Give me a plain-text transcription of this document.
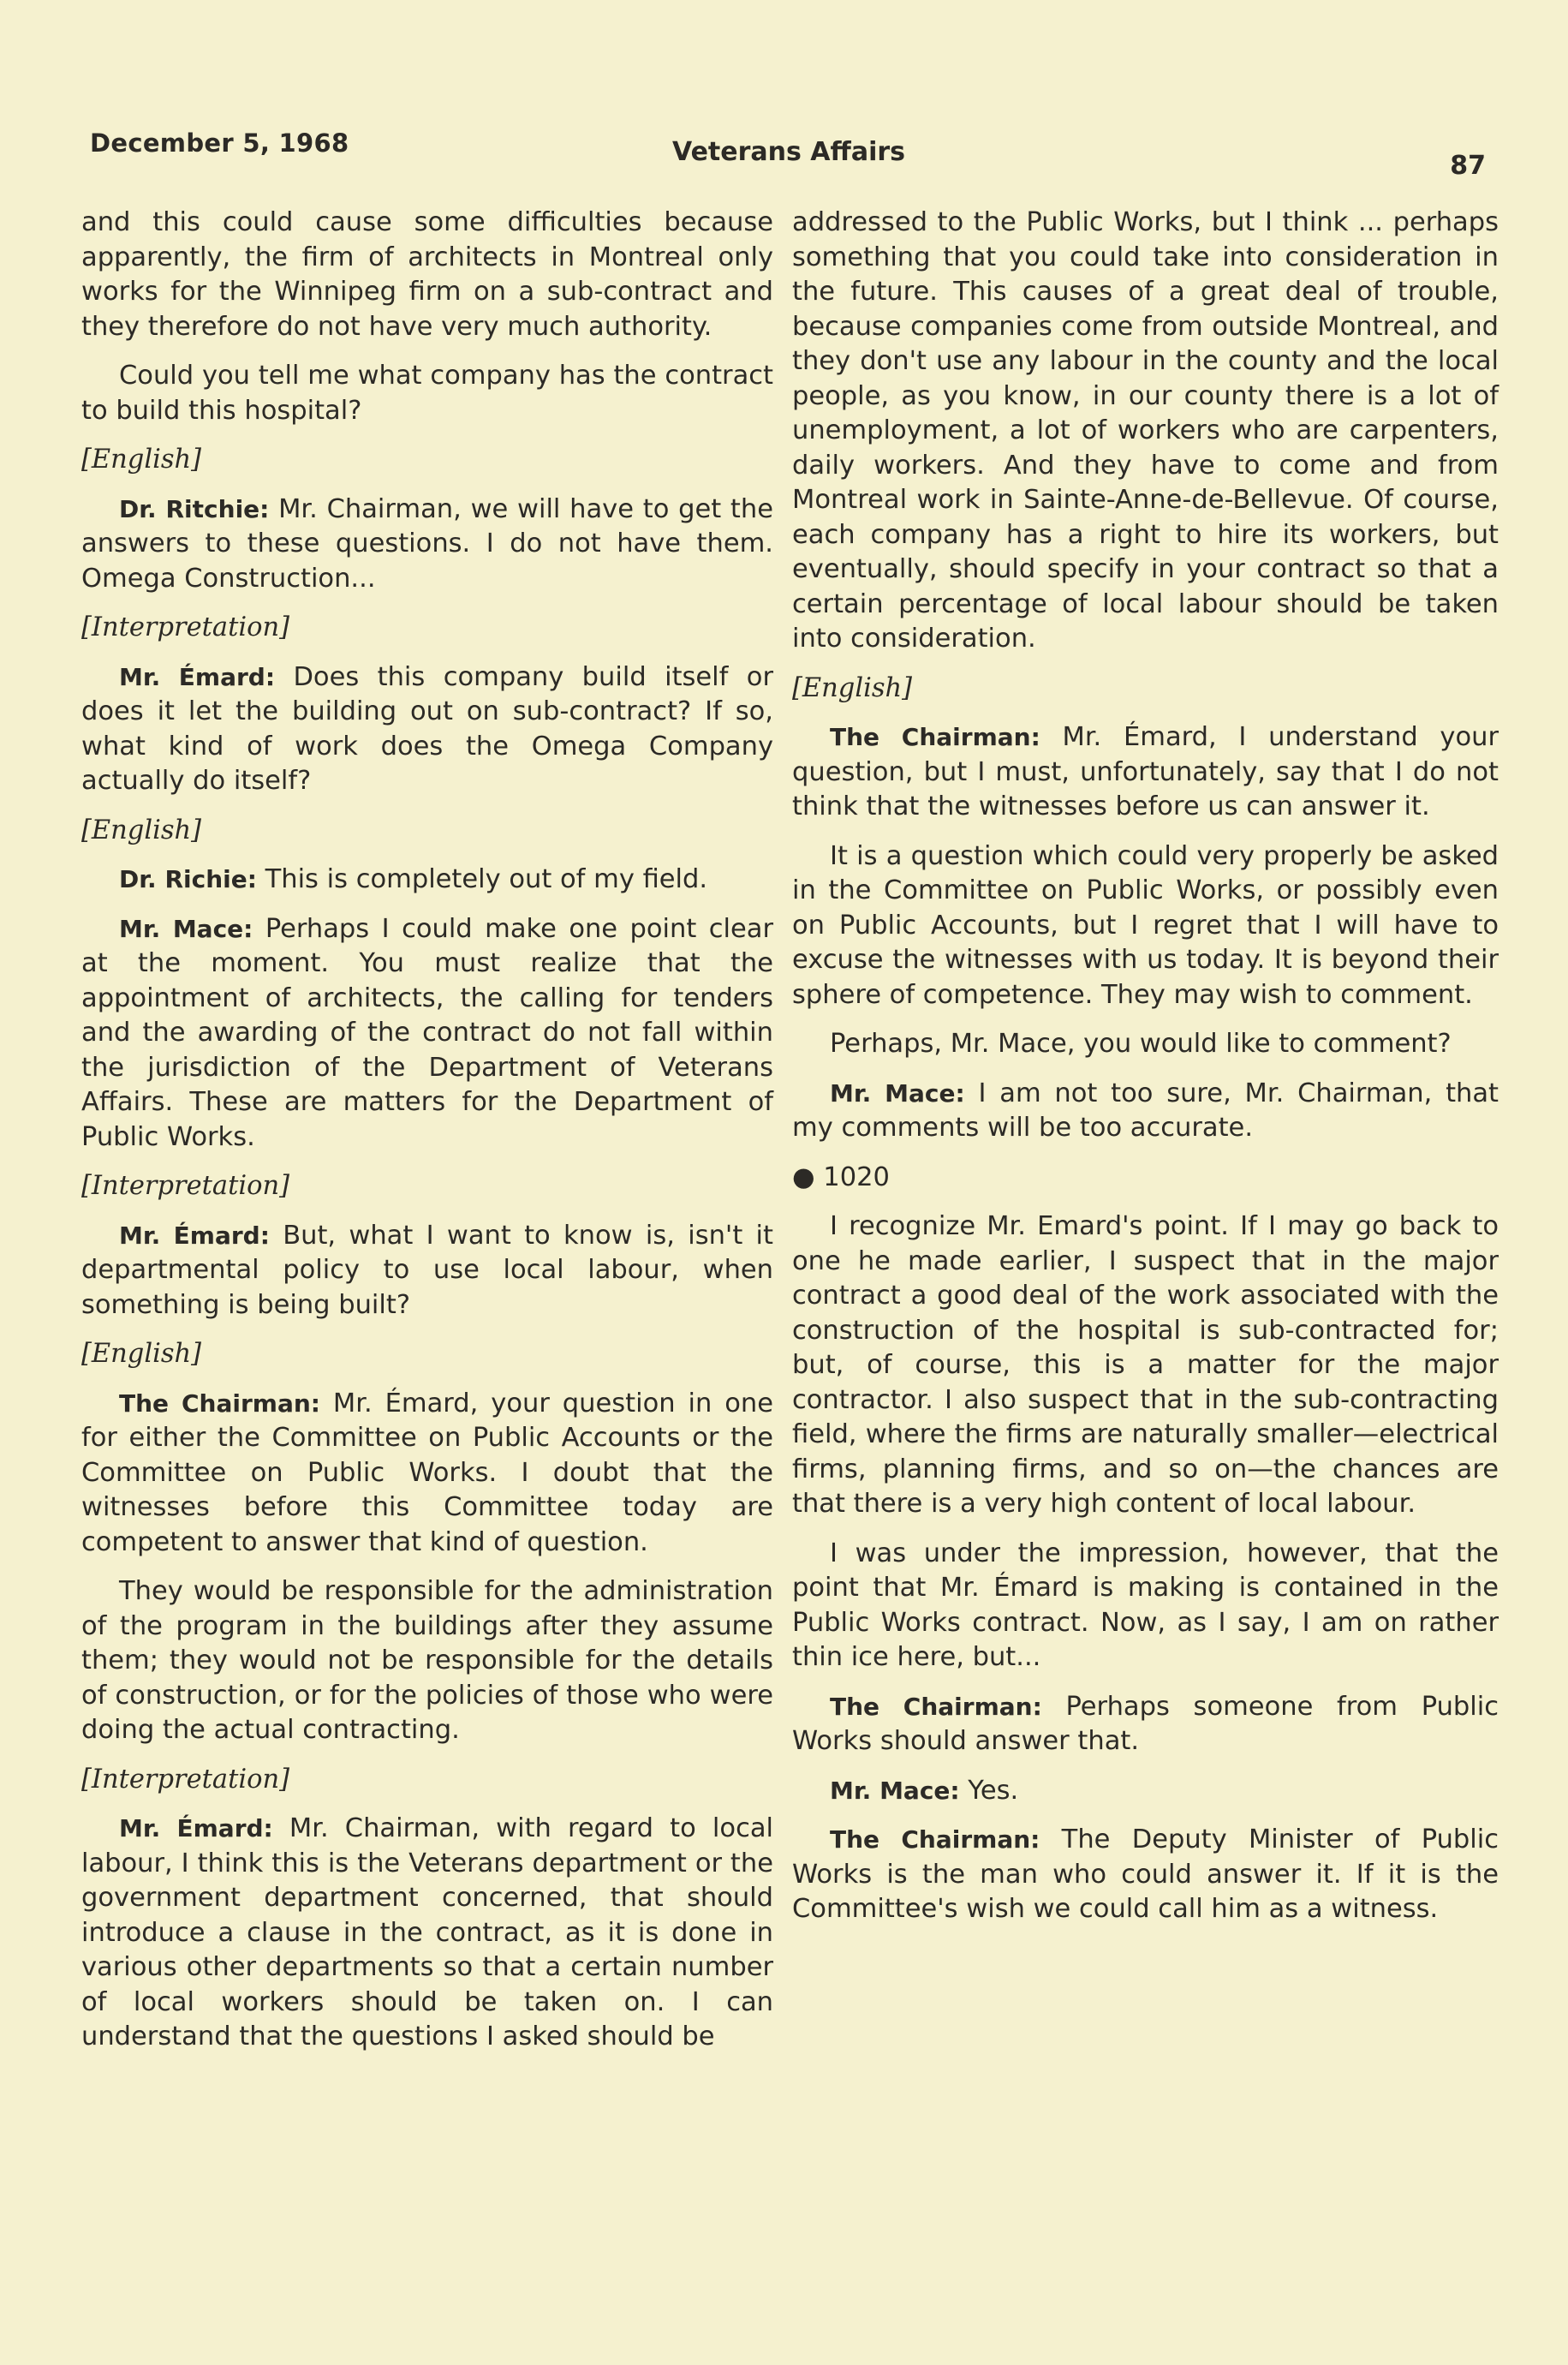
December 5, 1968	Veterans Affairs	87

and this could cause some difficulties because apparently, the firm of architects in Montreal only works for the Winnipeg firm on a sub-contract and they therefore do not have very much authority.

Could you tell me what company has the contract to build this hospital?

[English]

Dr. Ritchie: Mr. Chairman, we will have to get the answers to these questions. I do not have them. Omega Construction...

[Interpretation]

Mr. Émard: Does this company build itself or does it let the building out on sub-contract? If so, what kind of work does the Omega Company actually do itself?

[English]

Dr. Richie: This is completely out of my field.

Mr. Mace: Perhaps I could make one point clear at the moment. You must realize that the appointment of architects, the calling for tenders and the awarding of the contract do not fall within the jurisdiction of the Department of Veterans Affairs. These are matters for the Department of Public Works.

[Interpretation]

Mr. Émard: But, what I want to know is, isn't it departmental policy to use local labour, when something is being built?

[English]

The Chairman: Mr. Émard, your question in one for either the Committee on Public Accounts or the Committee on Public Works. I doubt that the witnesses before this Committee today are competent to answer that kind of question.

They would be responsible for the administration of the program in the buildings after they assume them; they would not be responsible for the details of construction, or for the policies of those who were doing the actual contracting.

[Interpretation]

Mr. Émard: Mr. Chairman, with regard to local labour, I think this is the Veterans department or the government department concerned, that should introduce a clause in the contract, as it is done in various other departments so that a certain number of local workers should be taken on. I can understand that the questions I asked should be

addressed to the Public Works, but I think ... perhaps something that you could take into consideration in the future. This causes of a great deal of trouble, because companies come from outside Montreal, and they don't use any labour in the county and the local people, as you know, in our county there is a lot of unemployment, a lot of workers who are carpenters, daily workers. And they have to come and from Montreal work in Sainte-Anne-de-Bellevue. Of course, each company has a right to hire its workers, but eventually, should specify in your contract so that a certain percentage of local labour should be taken into consideration.

[English]

The Chairman: Mr. Émard, I understand your question, but I must, unfortunately, say that I do not think that the witnesses before us can answer it.

It is a question which could very properly be asked in the Committee on Public Works, or possibly even on Public Accounts, but I regret that I will have to excuse the witnesses with us today. It is beyond their sphere of competence. They may wish to comment.

Perhaps, Mr. Mace, you would like to comment?

Mr. Mace: I am not too sure, Mr. Chairman, that my comments will be too accurate.

● 1020

I recognize Mr. Emard's point. If I may go back to one he made earlier, I suspect that in the major contract a good deal of the work associated with the construction of the hospital is sub-contracted for; but, of course, this is a matter for the major contractor. I also suspect that in the sub-contracting field, where the firms are naturally smaller—electrical firms, planning firms, and so on—the chances are that there is a very high content of local labour.

I was under the impression, however, that the point that Mr. Émard is making is contained in the Public Works contract. Now, as I say, I am on rather thin ice here, but...

The Chairman: Perhaps someone from Public Works should answer that.

Mr. Mace: Yes.

The Chairman: The Deputy Minister of Public Works is the man who could answer it. If it is the Committee's wish we could call him as a witness.
